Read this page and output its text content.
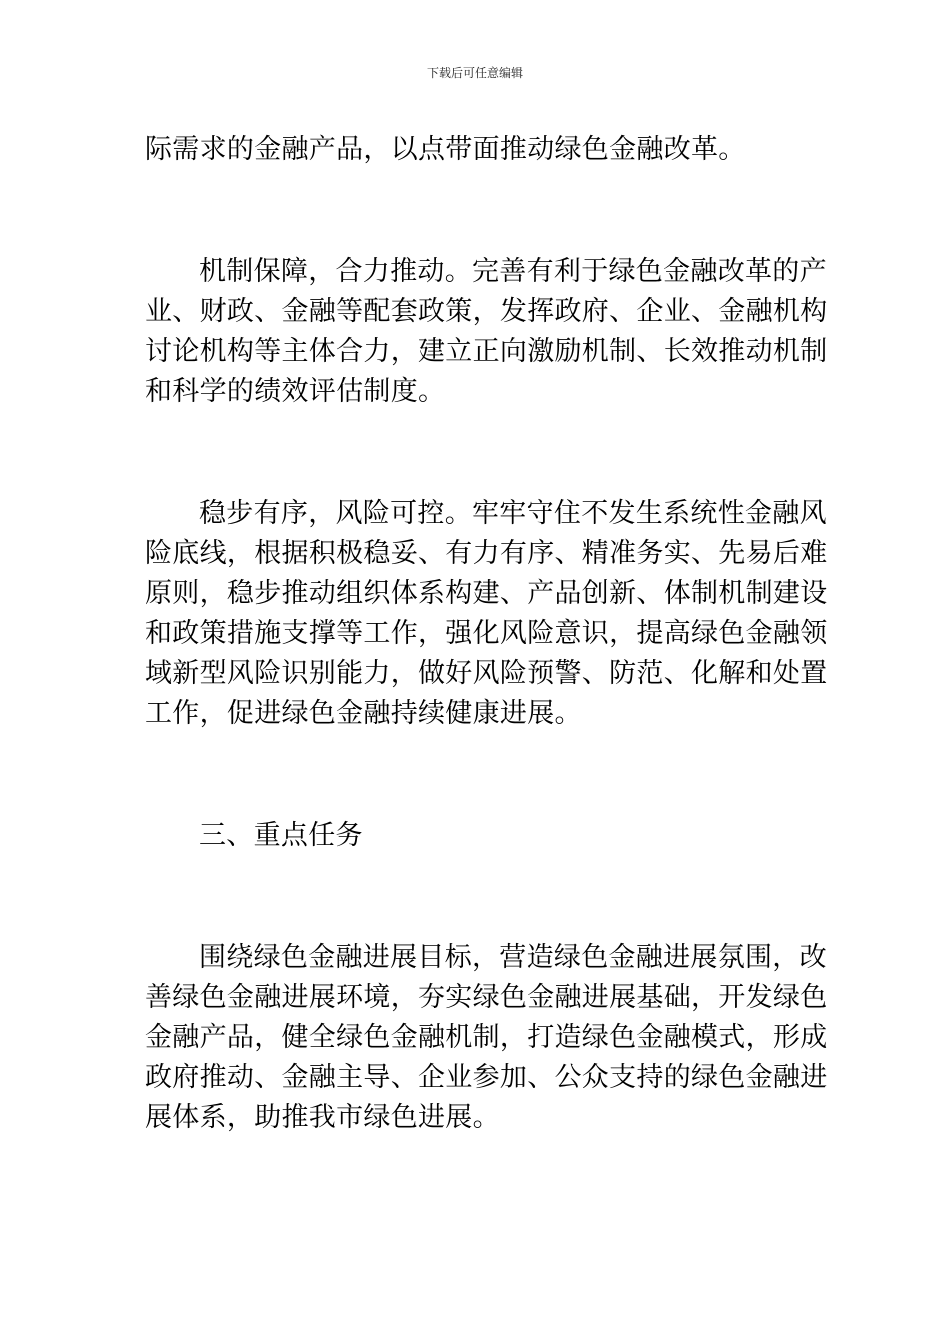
下载后可任意编辑
际需求的金融产品，以点带面推动绿色金融改革。
机制保障，合力推动。完善有利于绿色金融改革的产
业、财政、金融等配套政策，发挥政府、企业、金融机构
讨论机构等主体合力，建立正向激励机制、长效推动机制
和科学的绩效评估制度。
稳步有序，风险可控。牢牢守住不发生系统性金融风
险底线，根据积极稳妥、有力有序、精准务实、先易后难
原则，稳步推动组织体系构建、产品创新、体制机制建设
和政策措施支撑等工作，强化风险意识，提高绿色金融领
域新型风险识别能力，做好风险预警、防范、化解和处置
工作，促进绿色金融持续健康进展。
三、重点任务
围绕绿色金融进展目标，营造绿色金融进展氛围，改
善绿色金融进展环境，夯实绿色金融进展基础，开发绿色
金融产品，健全绿色金融机制，打造绿色金融模式，形成
政府推动、金融主导、企业参加、公众支持的绿色金融进
展体系，助推我市绿色进展。
